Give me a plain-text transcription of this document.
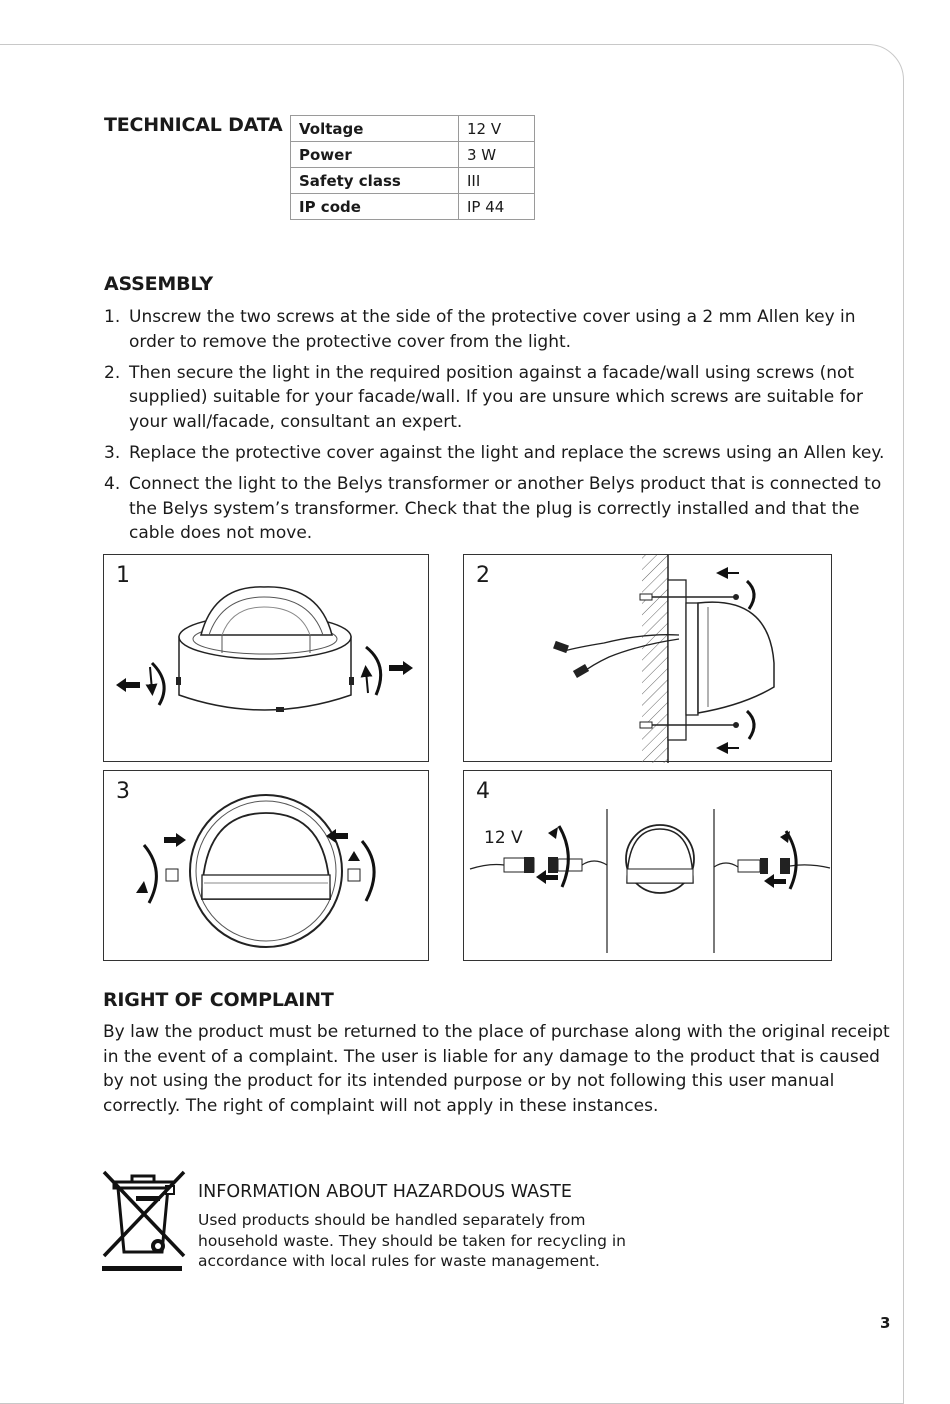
TECHNICAL DATA Voltage	12 V
Power	3 W
Safety class	III
IP code	IP 44
ASSEMBLY
1. Unscrew the two screws at the side of the protective cover using a 2 mm Allen key in order to remove the protective cover from the light.
2. Then secure the light in the required position against a facade/wall using screws (not supplied) suitable for your facade/wall. If you are unsure which screws are suitable for your wall/facade, consultant an expert.
3. Replace the protective cover against the light and replace the screws using an Allen key.
4. Connect the light to the Belys transformer or another Belys product that is connected to the Belys system’s transformer. Check that the plug is correctly installed and that the cable does not move.
1	2
3	4
12 V
RIGHT OF COMPLAINT

By law the product must be returned to the place of purchase along with the original receipt in the event of a complaint. The user is liable for any damage to the product that is caused by not using the product for its intended purpose or by not following this user manual correctly. The right of complaint will not apply in these instances.

INFORMATION ABOUT HAZARDOUS WASTE

Used products should be handled separately from household waste. They should be taken for recycling in accordance with local rules for waste management.

3
